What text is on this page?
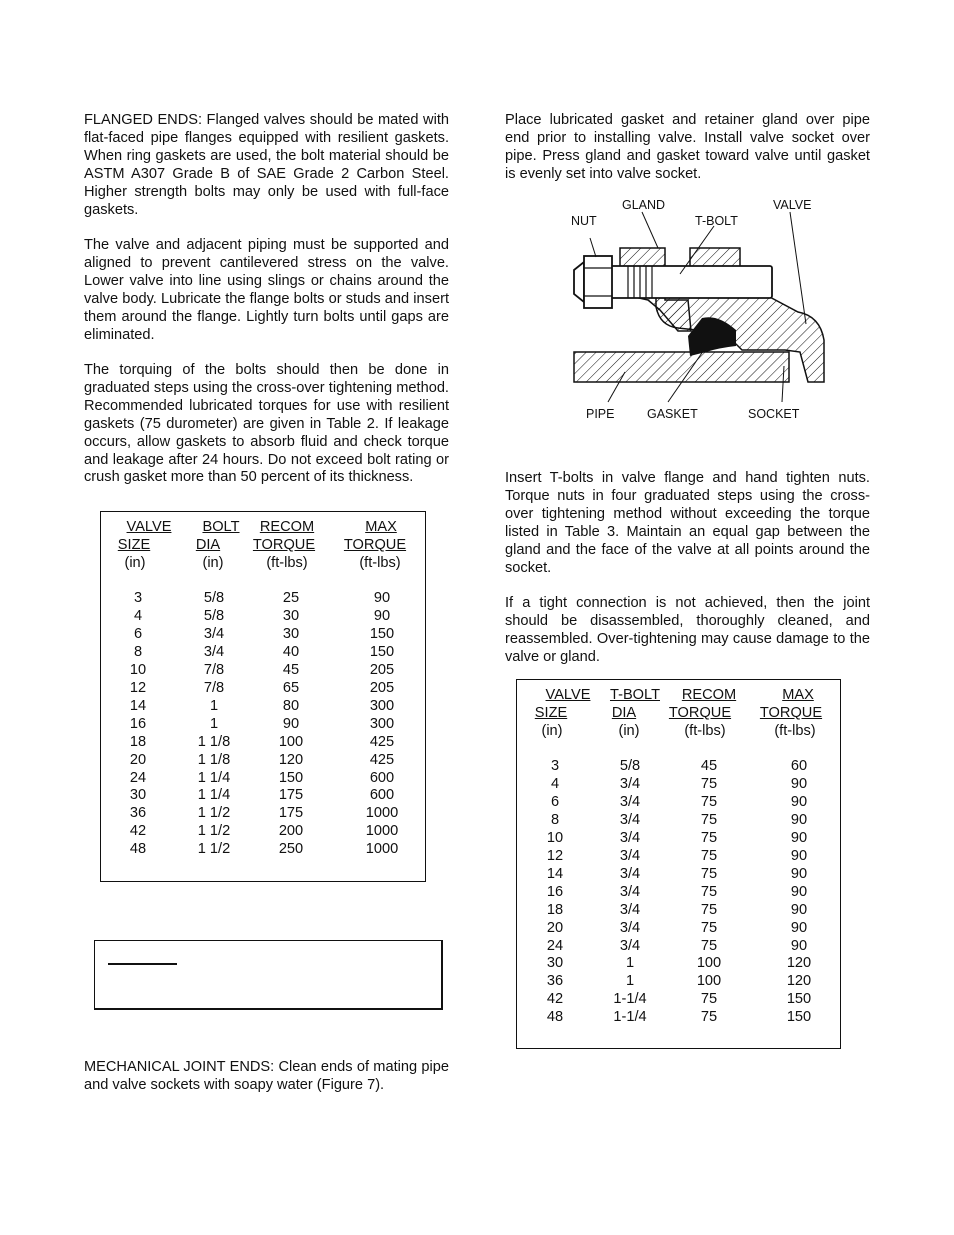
FLANGED ENDS: Flanged valves should be mated with flat-faced pipe flanges equipped with resilient gaskets. When ring gaskets are used, the bolt material should be ASTM A307 Grade B of SAE Grade 2 Carbon Steel. Higher strength bolts may only be used with full-face gaskets.

The valve and adjacent piping must be supported and aligned to prevent cantilevered stress on the valve. Lower valve into line using slings or chains around the valve body. Lubricate the flange bolts or studs and insert them around the flange. Lightly turn bolts until gaps are eliminated.

The torquing of the bolts should then be done in graduated steps using the cross-over tightening method. Recommended lubricated torques for use with resilient gaskets (75 durometer) are given in Table 2. If leakage occurs, allow gaskets to absorb fluid and check torque and leakage after 24 hours. Do not exceed bolt rating or crush gasket more than 50 percent of its thickness.

VALVE	BOLT	RECOM	MAX
SIZE	DIA	TORQUE	TORQUE
(in)	(in)	(ft-lbs)	(ft-lbs)
3	5/8	25	90
4	5/8	30	90
6	3/4	30	150
8	3/4	40	150
10	7/8	45	205
12	7/8	65	205
14	1	80	300
16	1	90	300
18	1 1/8	100	425
20	1 1/8	120	425
24	1 1/4	150	600
30	1 1/4	175	600
36	1 1/2	175	1000
42	1 1/2	200	1000
48	1 1/2	250	1000

MECHANICAL JOINT ENDS: Clean ends of mating pipe and valve sockets with soapy water (Figure 7).

Place lubricated gasket and retainer gland over pipe end prior to installing valve. Install valve socket over pipe. Press gland and gasket toward valve until gasket is evenly set into valve socket.

NUT
GLAND
T-BOLT
VALVE
PIPE	GASKET	SOCKET

Insert T-bolts in valve flange and hand tighten nuts. Torque nuts in four graduated steps using the cross-over tightening method without exceeding the torque listed in Table 3. Maintain an equal gap between the gland and the face of the valve at all points around the socket.

If a tight connection is not achieved, then the joint should be disassembled, thoroughly cleaned, and reassembled. Over-tightening may cause damage to the valve or gland.

VALVE	T-BOLT	RECOM	MAX
SIZE	DIA	TORQUE	TORQUE
(in)	(in)	(ft-lbs)	(ft-lbs)
3	5/8	45	60
4	3/4	75	90
6	3/4	75	90
8	3/4	75	90
10	3/4	75	90
12	3/4	75	90
14	3/4	75	90
16	3/4	75	90
18	3/4	75	90
20	3/4	75	90
24	3/4	75	90
30	1	100	120
36	1	100	120
42	1-1/4	75	150
48	1-1/4	75	150
